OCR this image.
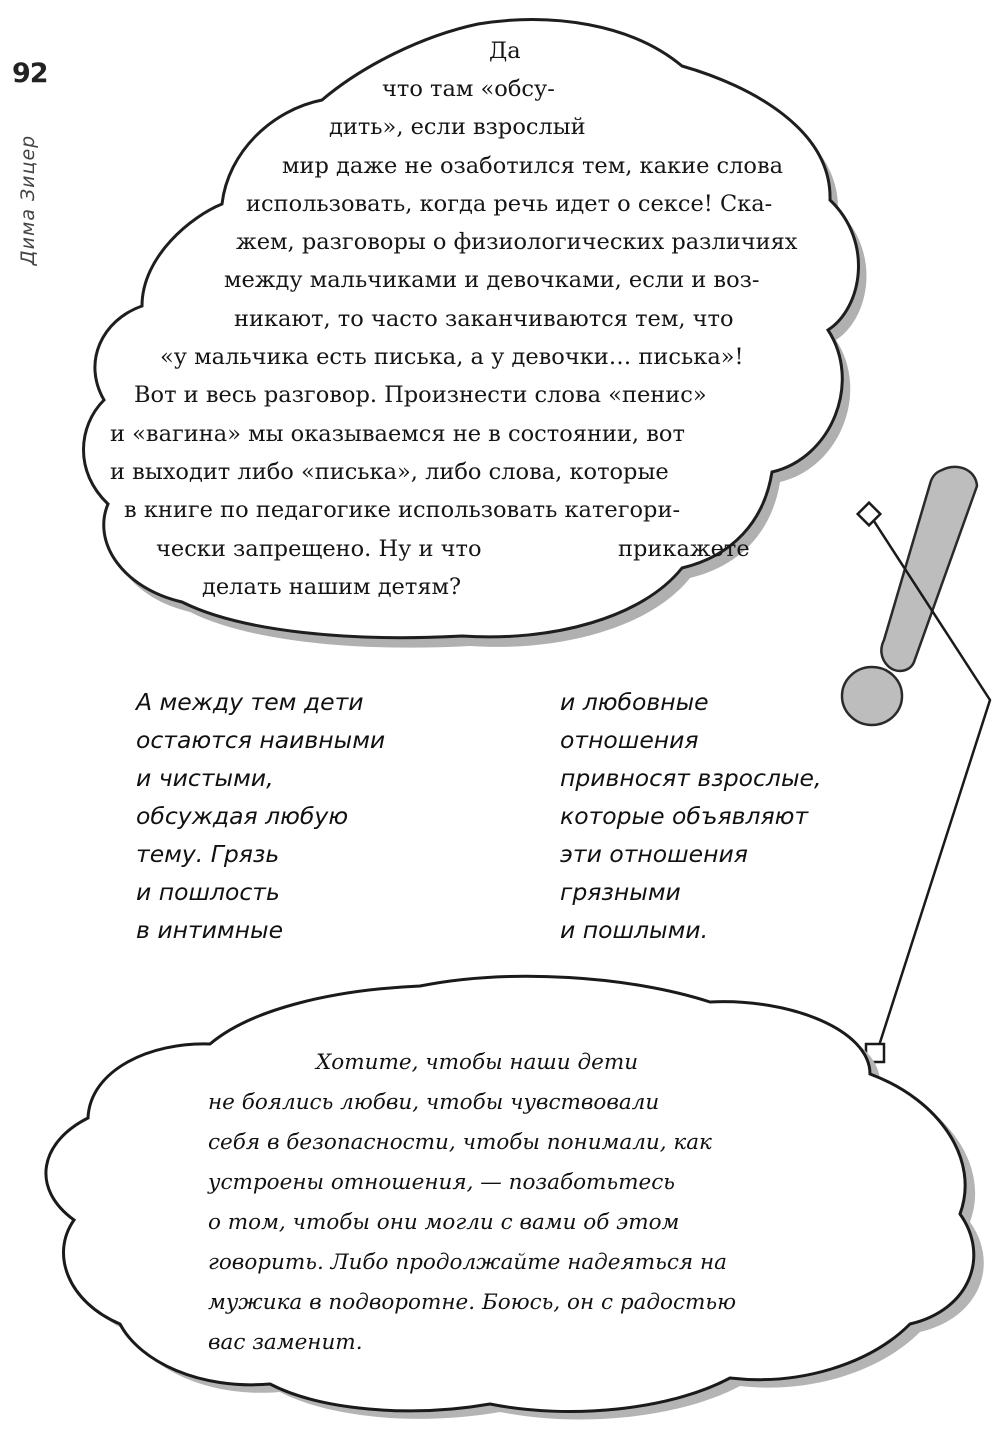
92
Дима Зицер
Да
что там «обсу-
дить», если взрослый
мир даже не озаботился тем, какие слова
использовать, когда речь идет о сексе! Ска-
жем, разговоры о физиологических различиях
между мальчиками и девочками, если и воз-
никают, то часто заканчиваются тем, что
«у мальчика есть писька, а у девочки… писька»!
Вот и весь разговор. Произнести слова «пенис»
и «вагина» мы оказываемся не в состоянии, вот
и выходит либо «писька», либо слова, которые
в книге по педагогике использовать категори-
чески запрещено. Ну и что	прикажете
делать нашим детям?
А между тем дети
остаются наивными
и чистыми,
обсуждая любую
тему. Грязь
и пошлость
в интимные
и любовные
отношения
привносят взрослые,
которые объявляют
эти отношения
грязными
и пошлыми.
Хотите, чтобы наши дети
не боялись любви, чтобы чувствовали
себя в безопасности, чтобы понимали, как
устроены отношения, — позаботьтесь
о том, чтобы они могли с вами об этом
говорить. Либо продолжайте надеяться на
мужика в подворотне. Боюсь, он с радостью
вас заменит.
